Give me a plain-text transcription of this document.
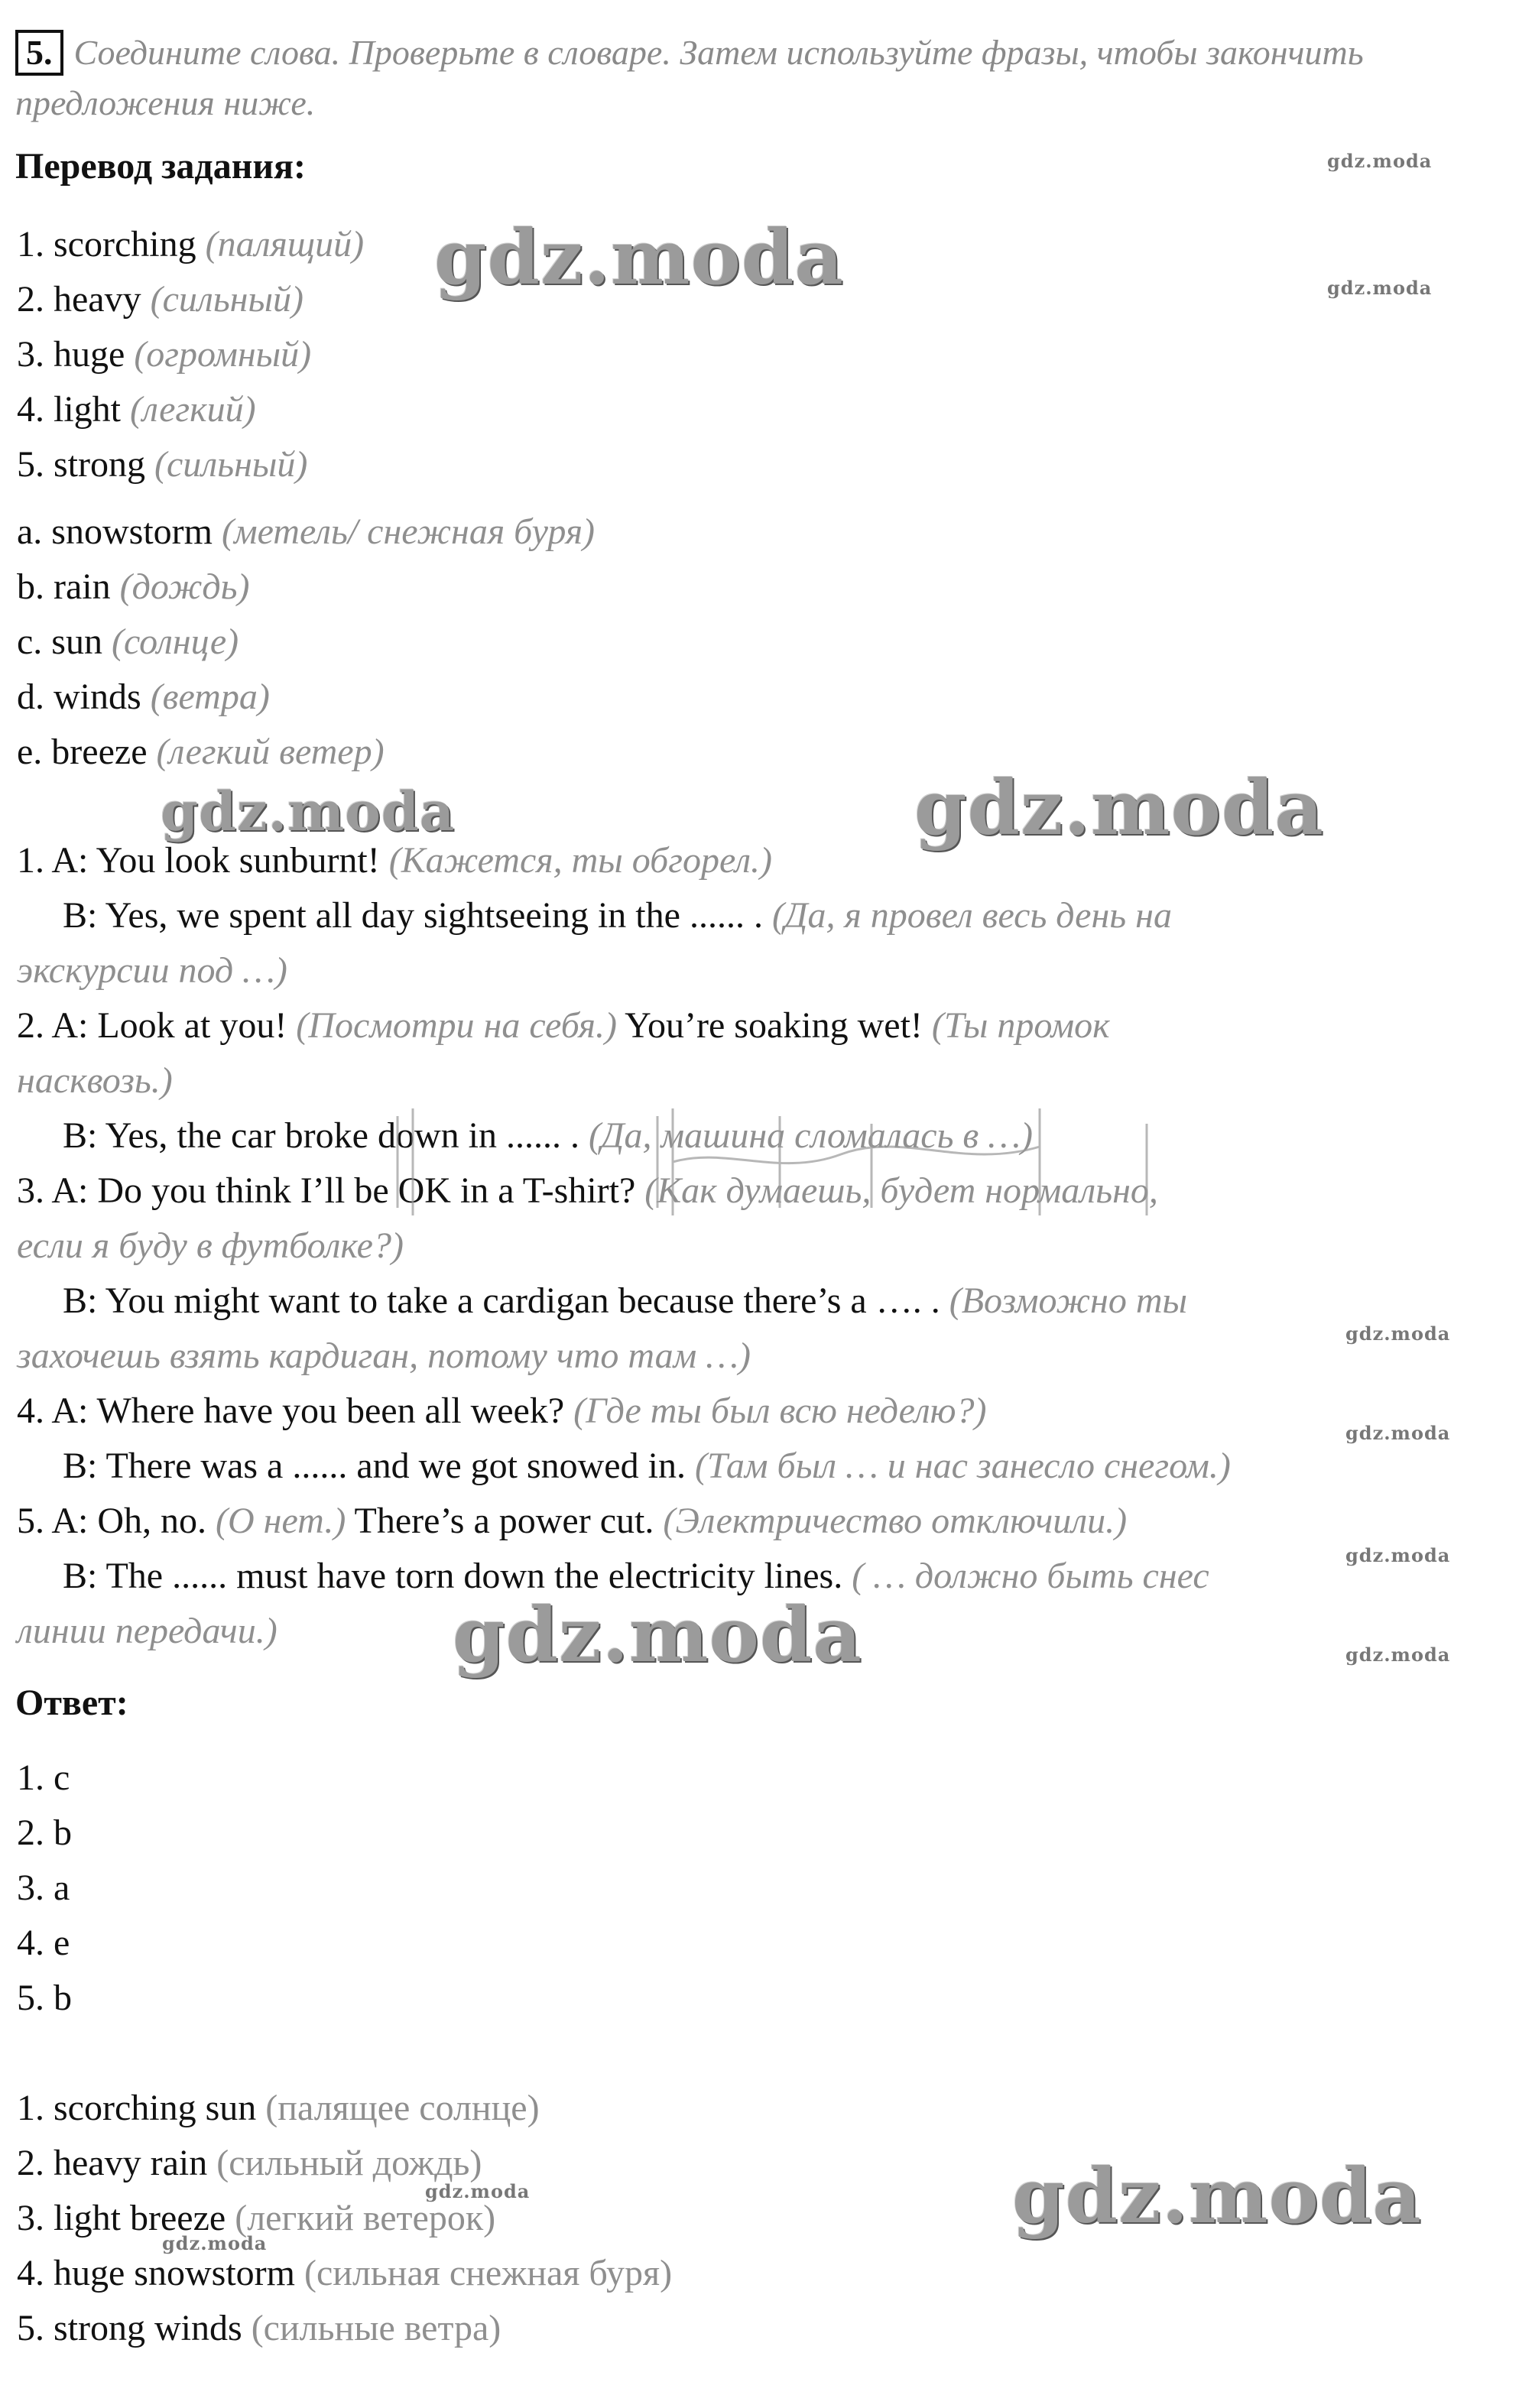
5. Соедините слова. Проверьте в словаре. Затем используйте фразы, чтобы закончить предложения ниже.
Перевод задания:
1. scorching (палящий)
2. heavy (сильный)
3. huge (огромный)
4. light (легкий)
5. strong (сильный)
a. snowstorm (метель/ снежная буря)
b. rain (дождь)
c. sun (солнце)
d. winds (ветра)
e. breeze (легкий ветер)
1. A: You look sunburnt! (Кажется, ты обгорел.)
B: Yes, we spent all day sightseeing in the ...... . (Да, я провел весь день на
экскурсии под …)
2. A: Look at you! (Посмотри на себя.) You’re soaking wet! (Ты промок
насквозь.)
B: Yes, the car broke down in ...... . (Да, машина сломалась в …)
3. A: Do you think I’ll be OK in a T-shirt? (Как думаешь, будет нормально,
если я буду в футболке?)
B: You might want to take a cardigan because there’s a …. . (Возможно ты
захочешь взять кардиган, потому что там …)
4. A: Where have you been all week? (Где ты был всю неделю?)
B: There was a ...... and we got snowed in. (Там был … и нас занесло снегом.)
5. A: Oh, no. (О нет.) There’s a power cut. (Электричество отключили.)
B: The ...... must have torn down the electricity lines. ( … должно быть снес
линии передачи.)
Ответ:
1. c
2. b
3. a
4. e
5. b
1. scorching sun (палящее солнце)
2. heavy rain (сильный дождь)
3. light breeze (легкий ветерок)
4. huge snowstorm (сильная снежная буря)
5. strong winds (сильные ветра)
gdz.moda
gdz.moda
gdz.moda
gdz.moda	gdz.moda
gdz.moda
gdz.moda
gdz.moda
gdz.moda	gdz.moda
gdz.moda
gdz.moda
gdz.moda
